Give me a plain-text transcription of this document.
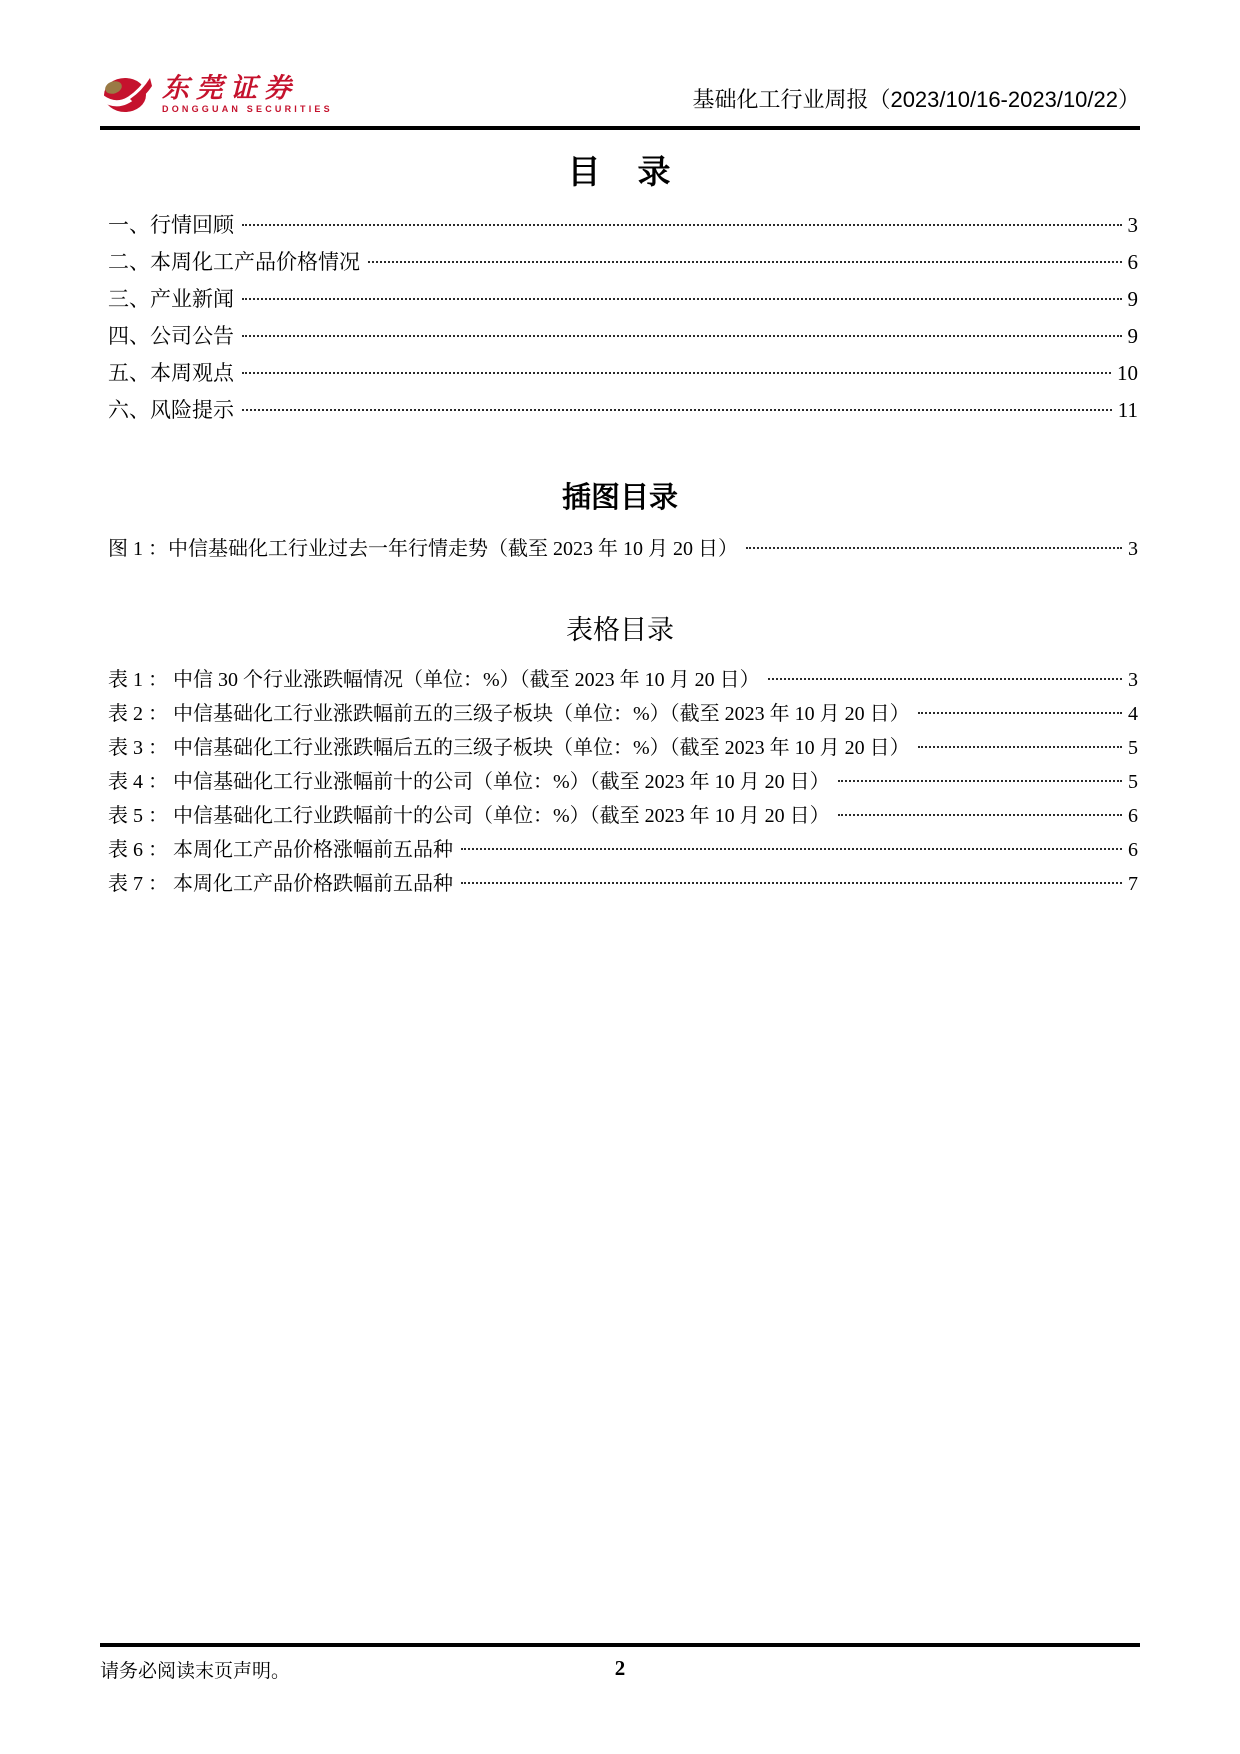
东莞证券
DONGGUAN SECURITIES	基础化工行业周报（2023/10/16-2023/10/22）
目　录
一、行情回顾	3
二、本周化工产品价格情况	6
三、产业新闻	9
四、公司公告	9
五、本周观点	10
六、风险提示	11
插图目录
图 1 ：中信基础化工行业过去一年行情走势（截至 2023 年 10 月 20 日）	3
表格目录
表 1 ： 中信 30 个行业涨跌幅情况（单位：%）（截至 2023 年 10 月 20 日）	3
表 2 ： 中信基础化工行业涨跌幅前五的三级子板块（单位：%）（截至 2023 年 10 月 20 日）	4
表 3 ： 中信基础化工行业涨跌幅后五的三级子板块（单位：%）（截至 2023 年 10 月 20 日）	5
表 4 ： 中信基础化工行业涨幅前十的公司（单位：%）（截至 2023 年 10 月 20 日）	5
表 5 ： 中信基础化工行业跌幅前十的公司（单位：%）（截至 2023 年 10 月 20 日）	6
表 6 ： 本周化工产品价格涨幅前五品种	6
表 7 ： 本周化工产品价格跌幅前五品种	7
请务必阅读末页声明。	2
